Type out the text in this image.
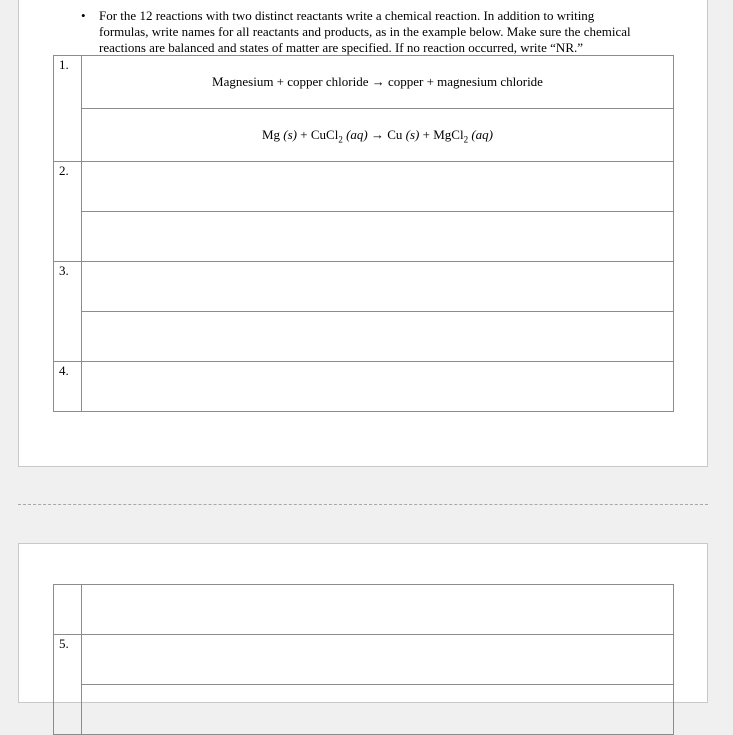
• For the 12 reactions with two distinct reactants write a chemical reaction. In addition to writing formulas, write names for all reactants and products, as in the example below. Make sure the chemical reactions are balanced and states of matter are specified. If no reaction occurred, write “NR.”
1.	Magnesium + copper chloride → copper + magnesium chloride

	Mg (s) + CuCl$_2$ (aq) → Cu (s) + MgCl$_2$ (aq)

2.	

3.	

4.	

5.	
